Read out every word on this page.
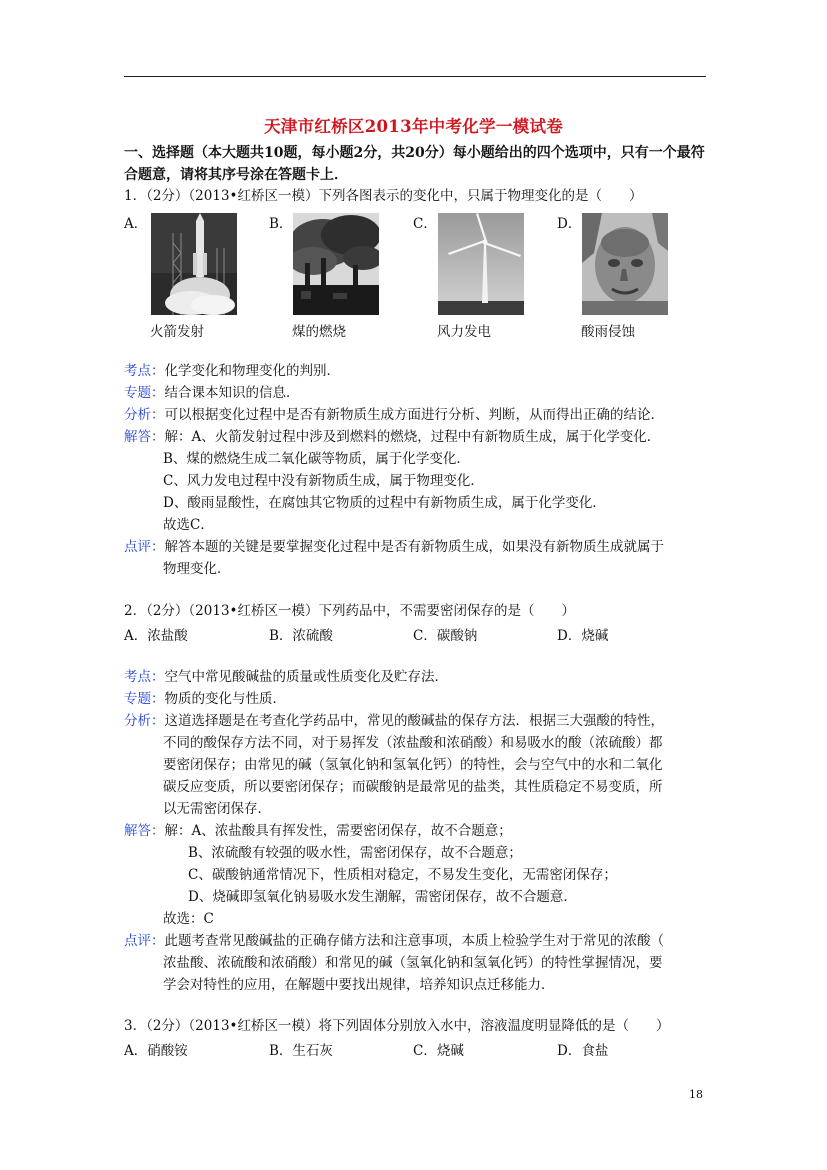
天津市红桥区2013年中考化学一模试卷
一、选择题（本大题共10题，每小题2分，共20分）每小题给出的四个选项中，只有一个最符合题意，请将其序号涂在答题卡上．
1．（2分）（2013•红桥区一模）下列各图表示的变化中，只属于物理变化的是（　　）
A．	B．	C．	D．
火箭发射	煤的燃烧	风力发电	酸雨侵蚀
考点：化学变化和物理变化的判别．
专题：结合课本知识的信息．
分析：可以根据变化过程中是否有新物质生成方面进行分析、判断，从而得出正确的结论．
解答：解：A、火箭发射过程中涉及到燃料的燃烧，过程中有新物质生成，属于化学变化．
B、煤的燃烧生成二氧化碳等物质，属于化学变化．
C、风力发电过程中没有新物质生成，属于物理变化．
D、酸雨显酸性，在腐蚀其它物质的过程中有新物质生成，属于化学变化．
故选C．
点评：解答本题的关键是要掌握变化过程中是否有新物质生成，如果没有新物质生成就属于
物理变化．
2．（2分）（2013•红桥区一模）下列药品中，不需要密闭保存的是（　　）
A．浓盐酸	B．浓硫酸	C．碳酸钠	D．烧碱
考点：空气中常见酸碱盐的质量或性质变化及贮存法．
专题：物质的变化与性质．
分析：这道选择题是在考查化学药品中，常见的酸碱盐的保存方法．根据三大强酸的特性，
不同的酸保存方法不同，对于易挥发（浓盐酸和浓硝酸）和易吸水的酸（浓硫酸）都
要密闭保存；由常见的碱（氢氧化钠和氢氧化钙）的特性，会与空气中的水和二氧化
碳反应变质，所以要密闭保存；而碳酸钠是最常见的盐类，其性质稳定不易变质，所
以无需密闭保存．
解答：解：A、浓盐酸具有挥发性，需要密闭保存，故不合题意；
B、浓硫酸有较强的吸水性，需密闭保存，故不合题意；
C、碳酸钠通常情况下，性质相对稳定，不易发生变化，无需密闭保存；
D、烧碱即氢氧化钠易吸水发生潮解，需密闭保存，故不合题意．
故选：C
点评：此题考查常见酸碱盐的正确存储方法和注意事项，本质上检验学生对于常见的浓酸（
浓盐酸、浓硫酸和浓硝酸）和常见的碱（氢氧化钠和氢氧化钙）的特性掌握情况，要
学会对特性的应用，在解题中要找出规律，培养知识点迁移能力．
3．（2分）（2013•红桥区一模）将下列固体分别放入水中，溶液温度明显降低的是（　　）
A．硝酸铵	B．生石灰	C．烧碱	D．食盐
18
